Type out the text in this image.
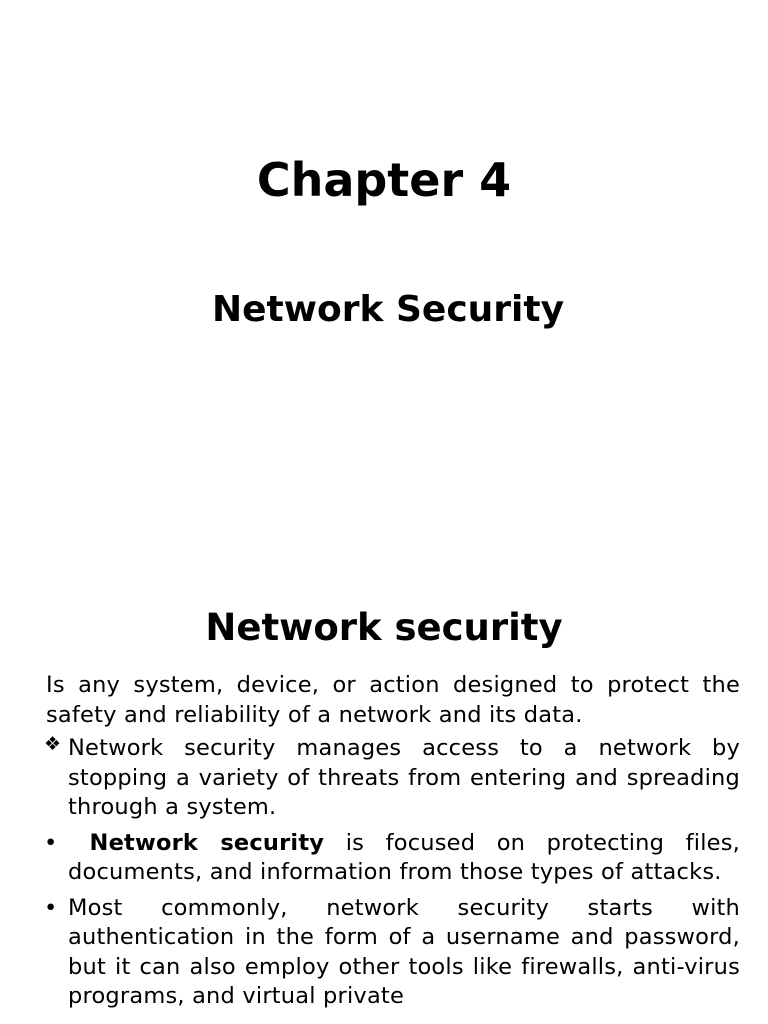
Chapter 4
Network Security
Network security

Is any system, device, or action designed to protect the safety and reliability of a network and its data.

❖ Network security manages access to a network by stopping a variety of threats from entering and spreading through a system.

• Network security is focused on protecting files, documents, and information from those types of attacks.

• Most commonly, network security starts with authentication in the form of a username and password, but it can also employ other tools like firewalls, anti-virus programs, and virtual private
